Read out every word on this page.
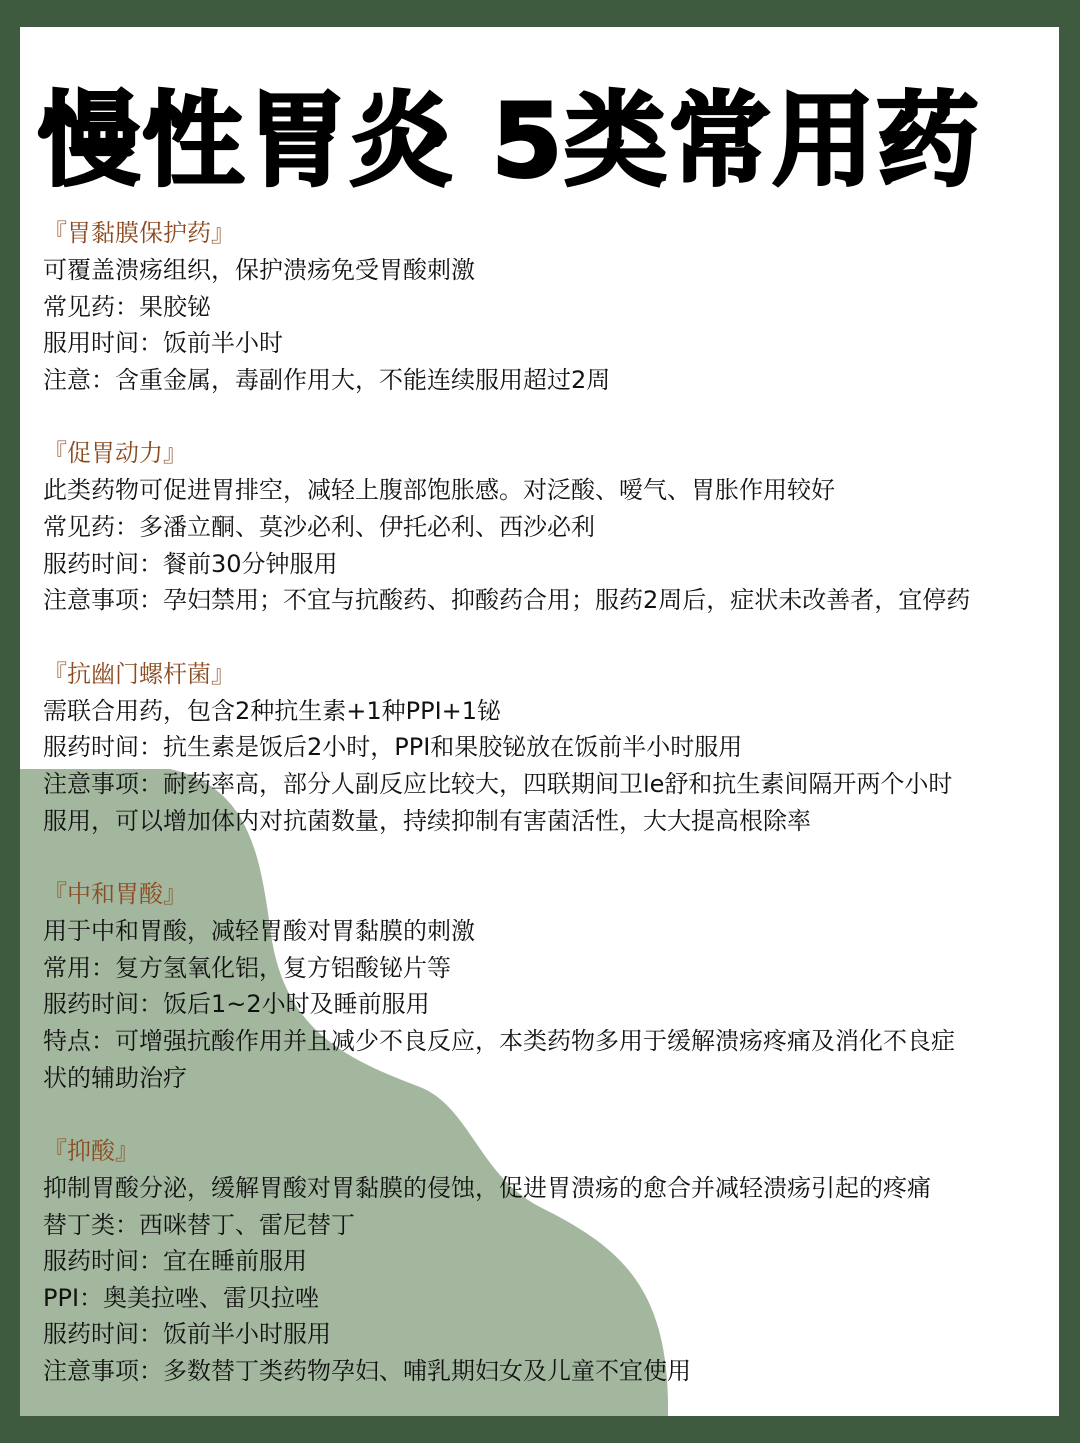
慢性胃炎 5类常用药
『胃黏膜保护药』
可覆盖溃疡组织，保护溃疡免受胃酸刺激
常见药：果胶铋
服用时间：饭前半小时
注意：含重金属，毒副作用大，不能连续服用超过2周
『促胃动力』
此类药物可促进胃排空，减轻上腹部饱胀感。对泛酸、嗳气、胃胀作用较好
常见药：多潘立酮、莫沙必利、伊托必利、西沙必利
服药时间：餐前30分钟服用
注意事项：孕妇禁用；不宜与抗酸药、抑酸药合用；服药2周后，症状未改善者，宜停药
『抗幽门螺杆菌』
需联合用药，包含2种抗生素+1种PPI+1铋
服药时间：抗生素是饭后2小时，PPI和果胶铋放在饭前半小时服用
注意事项：耐药率高，部分人副反应比较大，四联期间卫le舒和抗生素间隔开两个小时
服用，可以增加体内对抗菌数量，持续抑制有害菌活性，大大提高根除率
『中和胃酸』
用于中和胃酸，减轻胃酸对胃黏膜的刺激
常用：复方氢氧化铝，复方铝酸铋片等
服药时间：饭后1~2小时及睡前服用
特点：可增强抗酸作用并且减少不良反应，本类药物多用于缓解溃疡疼痛及消化不良症
状的辅助治疗
『抑酸』
抑制胃酸分泌，缓解胃酸对胃黏膜的侵蚀，促进胃溃疡的愈合并减轻溃疡引起的疼痛
替丁类：西咪替丁、雷尼替丁
服药时间：宜在睡前服用
PPI：奥美拉唑、雷贝拉唑
服药时间：饭前半小时服用
注意事项：多数替丁类药物孕妇、哺乳期妇女及儿童不宜使用
